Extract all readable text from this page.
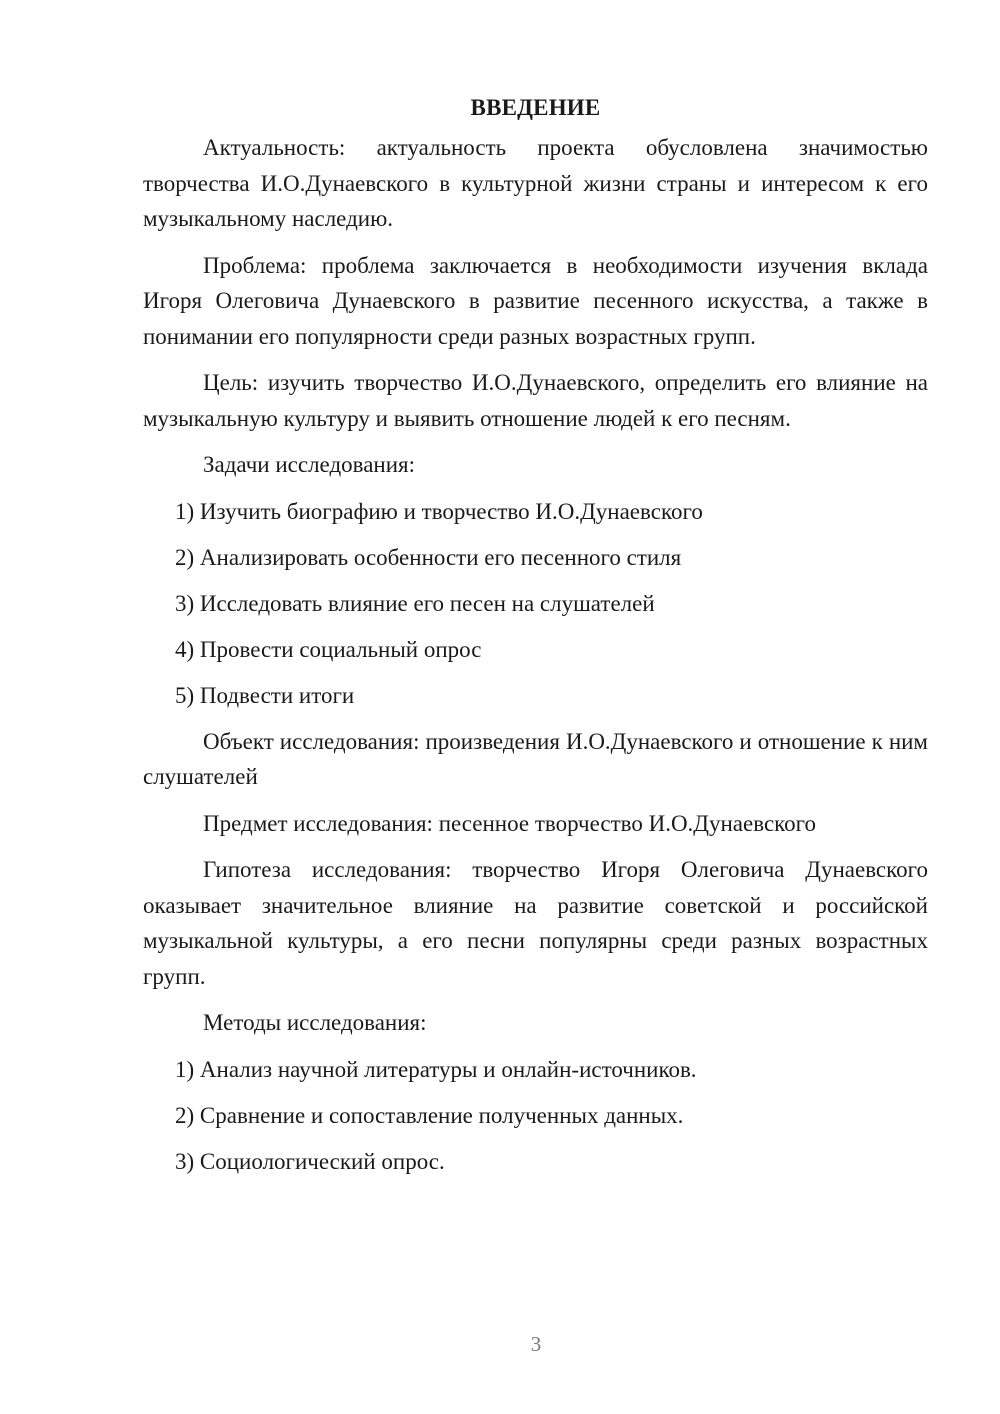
ВВЕДЕНИЕ

Актуальность: актуальность проекта обусловлена значимостью творчества И.О.Дунаевского в культурной жизни страны и интересом к его музыкальному наследию.

Проблема: проблема заключается в необходимости изучения вклада Игоря Олеговича Дунаевского в развитие песенного искусства, а также в понимании его популярности среди разных возрастных групп.

Цель: изучить творчество И.О.Дунаевского, определить его влияние на музыкальную культуру и выявить отношение людей к его песням.

Задачи исследования:

1) Изучить биографию и творчество И.О.Дунаевского

2) Анализировать особенности его песенного стиля

3) Исследовать влияние его песен на слушателей

4) Провести социальный опрос

5) Подвести итоги

Объект исследования: произведения И.О.Дунаевского и отношение к ним слушателей

Предмет исследования: песенное творчество И.О.Дунаевского

Гипотеза исследования: творчество Игоря Олеговича Дунаевского оказывает значительное влияние на развитие советской и российской музыкальной культуры, а его песни популярны среди разных возрастных групп.

Методы исследования:

1) Анализ научной литературы и онлайн-источников.

2) Сравнение и сопоставление полученных данных.

3) Социологический опрос.

3
